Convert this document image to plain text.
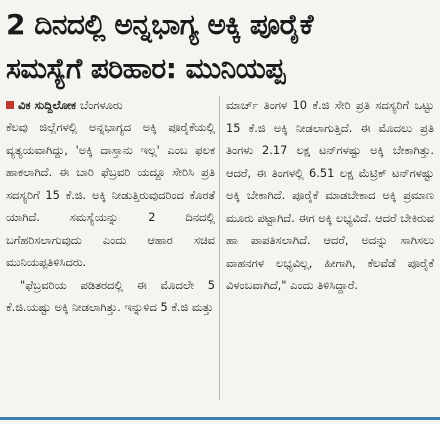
2 ದಿನದಲ್ಲಿ ಅನ್ನಭಾಗ್ಯ ಅಕ್ಕಿ ಪೂರೈಕೆ
ಸಮಸ್ಯೆಗೆ ಪರಿಹಾರ: ಮುನಿಯಪ್ಪ
ವಿಕ ಸುದ್ದಿಲೋಕ ಬೆಂಗಳೂರು

ಕೆಲವು ಜಿಲ್ಲೆಗಳಲ್ಲಿ ಅನ್ನಭಾಗ್ಯದ ಅಕ್ಕಿ ಪೂರೈಕೆಯಲ್ಲಿ ವ್ಯತ್ಯಯವಾಗಿದ್ದು, 'ಅಕ್ಕಿ ದಾಸ್ತಾನು ಇಲ್ಲ' ಎಂಬ ಫಲಕ ಹಾಕಲಾಗಿದೆ. ಈ ಬಾರಿ ಫೆಬ್ರವರಿ ಯದ್ದೂ ಸೇರಿಸಿ ಪ್ರತಿ ಸದಸ್ಯರಿಗೆ 15 ಕೆ.ಜಿ. ಅಕ್ಕಿ ನೀಡುತ್ತಿರುವುದರಿಂದ ಕೊರತೆ ಯಾಗಿದೆ. ಸಮಸ್ಯೆಯನ್ನು 2 ದಿನದಲ್ಲಿ ಬಗೆಹರಿಸಲಾಗುವುದು ಎಂದು ಆಹಾರ ಸಚಿವ ಮುನಿಯಪ್ಪತಿಳಿಸಿದರು.

"ಫೆಬ್ರವರಿಯ ಪಡಿತರದಲ್ಲಿ ಈ ಮೊದಲೇ 5 ಕೆ.ಜಿ.ಯಷ್ಟು ಅಕ್ಕಿ ನೀಡಲಾಗಿತ್ತು. ಇನ್ನುಳಿದ 5 ಕೆ.ಜಿ ಮತ್ತು

ಮಾರ್ಚ್ ತಿಂಗಳ 10 ಕೆ.ಜಿ ಸೇರಿ ಪ್ರತಿ ಸದಸ್ಯರಿಗೆ ಒಟ್ಟು 15 ಕೆ.ಜಿ ಅಕ್ಕಿ ನೀಡಲಾಗುತ್ತಿದೆ. ಈ ಮೊದಲು ಪ್ರತಿ ತಿಂಗಳು 2.17 ಲಕ್ಷ ಟನ್‌ಗಳಷ್ಟು ಅಕ್ಕಿ ಬೇಕಾಗಿತ್ತು. ಆದರೆ, ಈ ತಿಂಗಳಲ್ಲಿ 6.51 ಲಕ್ಷ ಮೆಟ್ರಿಕ್ ಟನ್‌ಗಳಷ್ಟು ಅಕ್ಕಿ ಬೇಕಾಗಿದೆ. ಪೂರೈಕೆ ಮಾಡಬೇಕಾದ ಅಕ್ಕಿ ಪ್ರಮಾಣ ಮೂರು ಪಟ್ಟಾಗಿದೆ. ಈಗ ಅಕ್ಕಿ ಲಭ್ಯವಿದೆ. ಆದರೆ ಬೇಕಿರುವ ಹಾ ಪಾಪತಿಸಲಾಗಿದೆ. ಆದರೆ, ಅದನ್ನು ಸಾಗಿಸಲು ವಾಹನಗಳ ಲಭ್ಯವಿಲ್ಲ, ಹೀಗಾಗಿ, ಕೆಲವೆಡೆ ಪೂರೈಕೆ ವಿಳಂಬವಾಗಿದೆ," ಎಂದು ತಿಳಿಸಿದ್ದಾರೆ.
